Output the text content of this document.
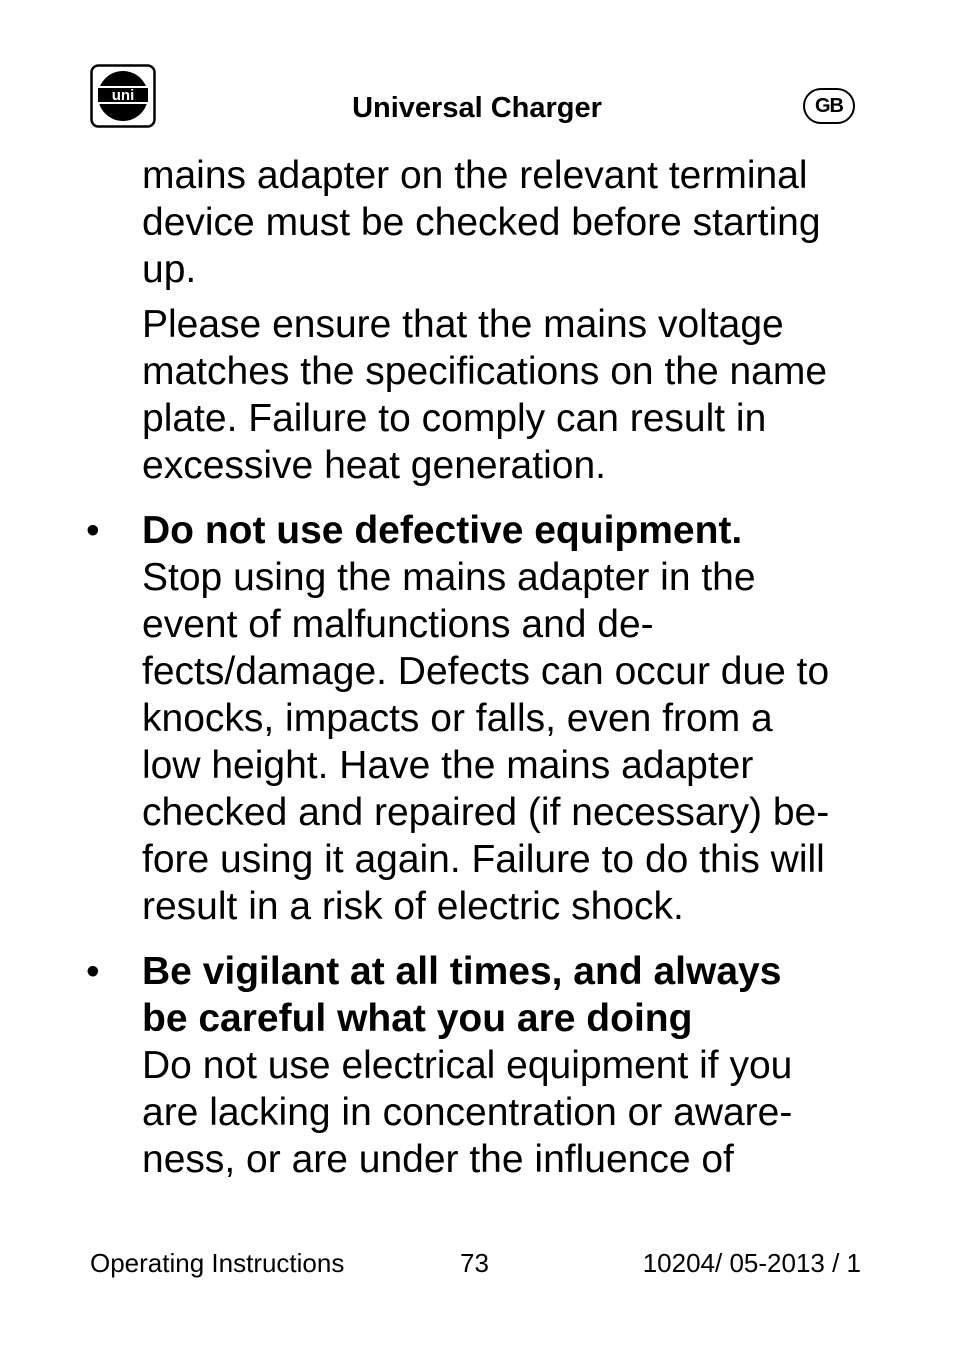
uni	Universal Charger	GB

mains adapter on the relevant terminal
device must be checked before starting
up.

Please ensure that the mains voltage
matches the specifications on the name
plate. Failure to comply can result in
excessive heat generation.

• Do not use defective equipment.
Stop using the mains adapter in the
event of malfunctions and de-
fects/damage. Defects can occur due to
knocks, impacts or falls, even from a
low height. Have the mains adapter
checked and repaired (if necessary) be-
fore using it again. Failure to do this will
result in a risk of electric shock.

• Be vigilant at all times, and always
be careful what you are doing
Do not use electrical equipment if you
are lacking in concentration or aware-
ness, or are under the influence of

Operating Instructions	73	10204/ 05-2013 / 1
